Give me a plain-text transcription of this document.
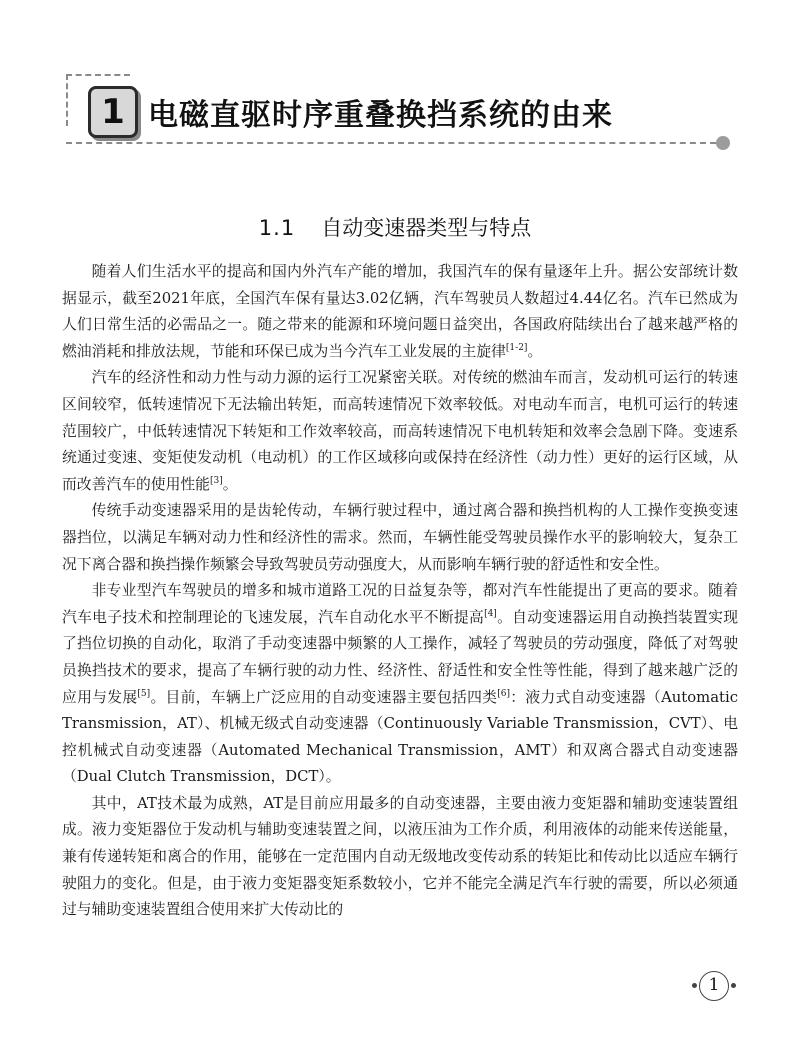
1 电磁直驱时序重叠换挡系统的由来
1.1 自动变速器类型与特点

随着人们生活水平的提高和国内外汽车产能的增加，我国汽车的保有量逐年上升。据公安部统计数据显示，截至2021年底，全国汽车保有量达3.02亿辆，汽车驾驶员人数超过4.44亿名。汽车已然成为人们日常生活的必需品之一。随之带来的能源和环境问题日益突出，各国政府陆续出台了越来越严格的燃油消耗和排放法规，节能和环保已成为当今汽车工业发展的主旋律[1-2]。

汽车的经济性和动力性与动力源的运行工况紧密关联。对传统的燃油车而言，发动机可运行的转速区间较窄，低转速情况下无法输出转矩，而高转速情况下效率较低。对电动车而言，电机可运行的转速范围较广，中低转速情况下转矩和工作效率较高，而高转速情况下电机转矩和效率会急剧下降。变速系统通过变速、变矩使发动机（电动机）的工作区域移向或保持在经济性（动力性）更好的运行区域，从而改善汽车的使用性能[3]。

传统手动变速器采用的是齿轮传动，车辆行驶过程中，通过离合器和换挡机构的人工操作变换变速器挡位，以满足车辆对动力性和经济性的需求。然而，车辆性能受驾驶员操作水平的影响较大，复杂工况下离合器和换挡操作频繁会导致驾驶员劳动强度大，从而影响车辆行驶的舒适性和安全性。

非专业型汽车驾驶员的增多和城市道路工况的日益复杂等，都对汽车性能提出了更高的要求。随着汽车电子技术和控制理论的飞速发展，汽车自动化水平不断提高[4]。自动变速器运用自动换挡装置实现了挡位切换的自动化，取消了手动变速器中频繁的人工操作，减轻了驾驶员的劳动强度，降低了对驾驶员换挡技术的要求，提高了车辆行驶的动力性、经济性、舒适性和安全性等性能，得到了越来越广泛的应用与发展[5]。目前，车辆上广泛应用的自动变速器主要包括四类[6]：液力式自动变速器（Automatic Transmission，AT）、机械无级式自动变速器（Continuously Variable Transmission，CVT）、电控机械式自动变速器（Automated Mechanical Transmission，AMT）和双离合器式自动变速器（Dual Clutch Transmission，DCT）。

其中，AT技术最为成熟，AT是目前应用最多的自动变速器，主要由液力变矩器和辅助变速装置组成。液力变矩器位于发动机与辅助变速装置之间，以液压油为工作介质，利用液体的动能来传送能量，兼有传递转矩和离合的作用，能够在一定范围内自动无级地改变传动系的转矩比和传动比以适应车辆行驶阻力的变化。但是，由于液力变矩器变矩系数较小，它并不能完全满足汽车行驶的需要，所以必须通过与辅助变速装置组合使用来扩大传动比的

1
